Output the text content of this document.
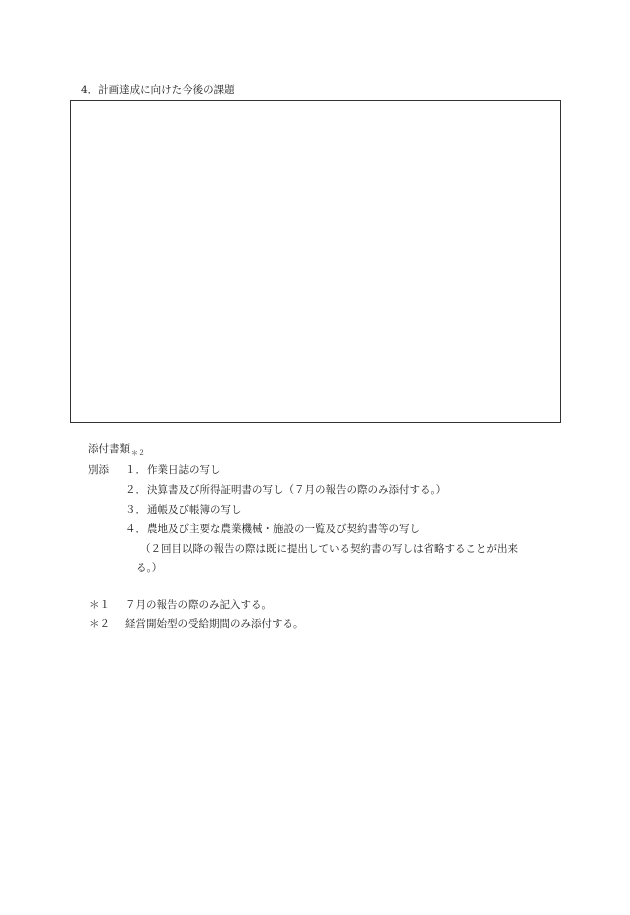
4．計画達成に向けた今後の課題
添付書類$_{*2}$
別添 １．作業日誌の写し
２．決算書及び所得証明書の写し（７月の報告の際のみ添付する。）
３．通帳及び帳簿の写し
４．農地及び主要な農業機械・施設の一覧及び契約書等の写し
（２回目以降の報告の際は既に提出している契約書の写しは省略することが出来
る。）
＊１ ７月の報告の際のみ記入する。
＊２ 経営開始型の受給期間のみ添付する。
